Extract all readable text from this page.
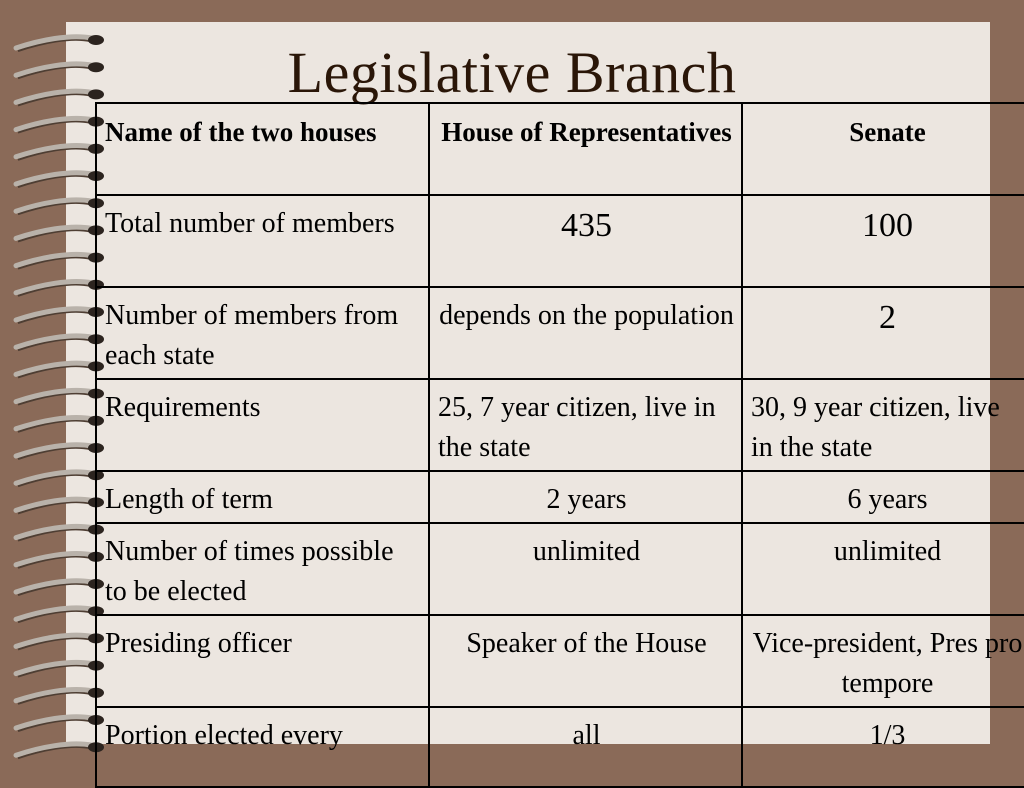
Legislative Branch
Name of the two houses	House of Representatives	Senate
Total number of members	435	100
Number of members from each state	depends on the population	2
Requirements	25, 7 year citizen, live in the state	30, 9 year citizen, live in the state
Length of term	2 years	6 years
Number of times possible to be elected	unlimited	unlimited
Presiding officer	Speaker of the House	Vice-president, Pres pro tempore
Portion elected every	all	1/3
